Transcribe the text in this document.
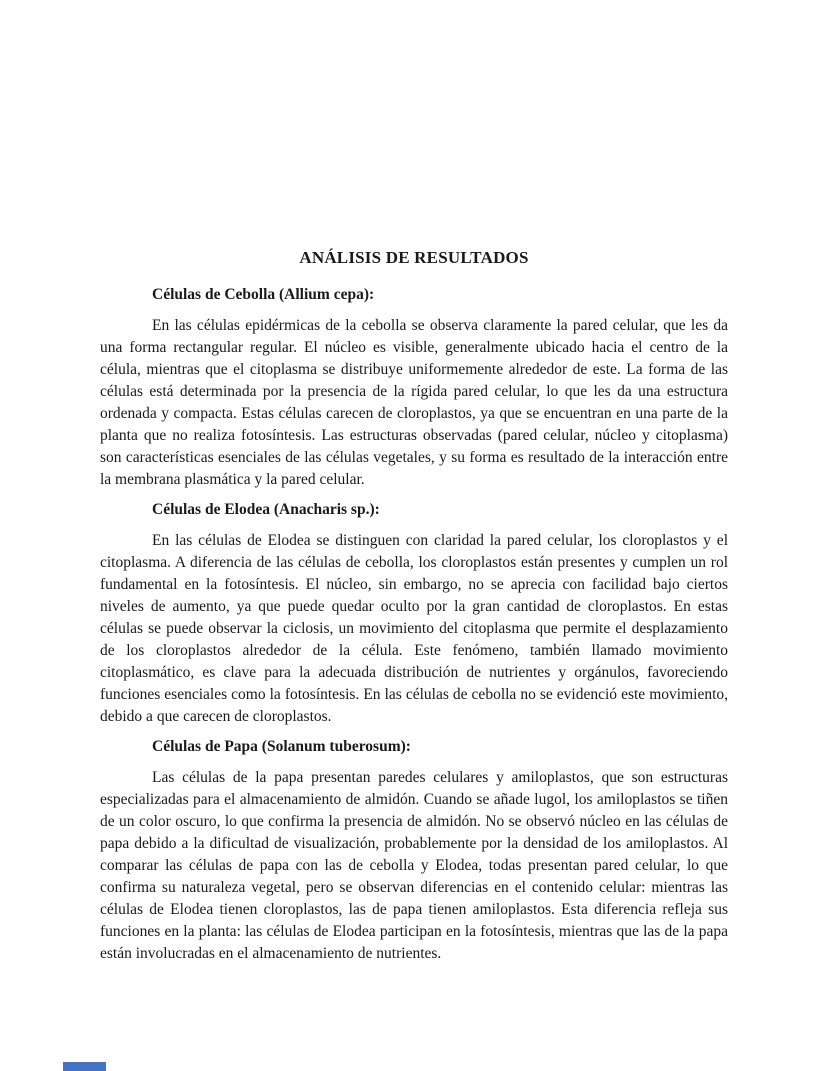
ANÁLISIS DE RESULTADOS
Células de Cebolla (Allium cepa):

En las células epidérmicas de la cebolla se observa claramente la pared celular, que les da una forma rectangular regular. El núcleo es visible, generalmente ubicado hacia el centro de la célula, mientras que el citoplasma se distribuye uniformemente alrededor de este. La forma de las células está determinada por la presencia de la rígida pared celular, lo que les da una estructura ordenada y compacta. Estas células carecen de cloroplastos, ya que se encuentran en una parte de la planta que no realiza fotosíntesis. Las estructuras observadas (pared celular, núcleo y citoplasma) son características esenciales de las células vegetales, y su forma es resultado de la interacción entre la membrana plasmática y la pared celular.

Células de Elodea (Anacharis sp.):

En las células de Elodea se distinguen con claridad la pared celular, los cloroplastos y el citoplasma. A diferencia de las células de cebolla, los cloroplastos están presentes y cumplen un rol fundamental en la fotosíntesis. El núcleo, sin embargo, no se aprecia con facilidad bajo ciertos niveles de aumento, ya que puede quedar oculto por la gran cantidad de cloroplastos. En estas células se puede observar la ciclosis, un movimiento del citoplasma que permite el desplazamiento de los cloroplastos alrededor de la célula. Este fenómeno, también llamado movimiento citoplasmático, es clave para la adecuada distribución de nutrientes y orgánulos, favoreciendo funciones esenciales como la fotosíntesis. En las células de cebolla no se evidenció este movimiento, debido a que carecen de cloroplastos.

Células de Papa (Solanum tuberosum):

Las células de la papa presentan paredes celulares y amiloplastos, que son estructuras especializadas para el almacenamiento de almidón. Cuando se añade lugol, los amiloplastos se tiñen de un color oscuro, lo que confirma la presencia de almidón. No se observó núcleo en las células de papa debido a la dificultad de visualización, probablemente por la densidad de los amiloplastos. Al comparar las células de papa con las de cebolla y Elodea, todas presentan pared celular, lo que confirma su naturaleza vegetal, pero se observan diferencias en el contenido celular: mientras las células de Elodea tienen cloroplastos, las de papa tienen amiloplastos. Esta diferencia refleja sus funciones en la planta: las células de Elodea participan en la fotosíntesis, mientras que las de la papa están involucradas en el almacenamiento de nutrientes.
